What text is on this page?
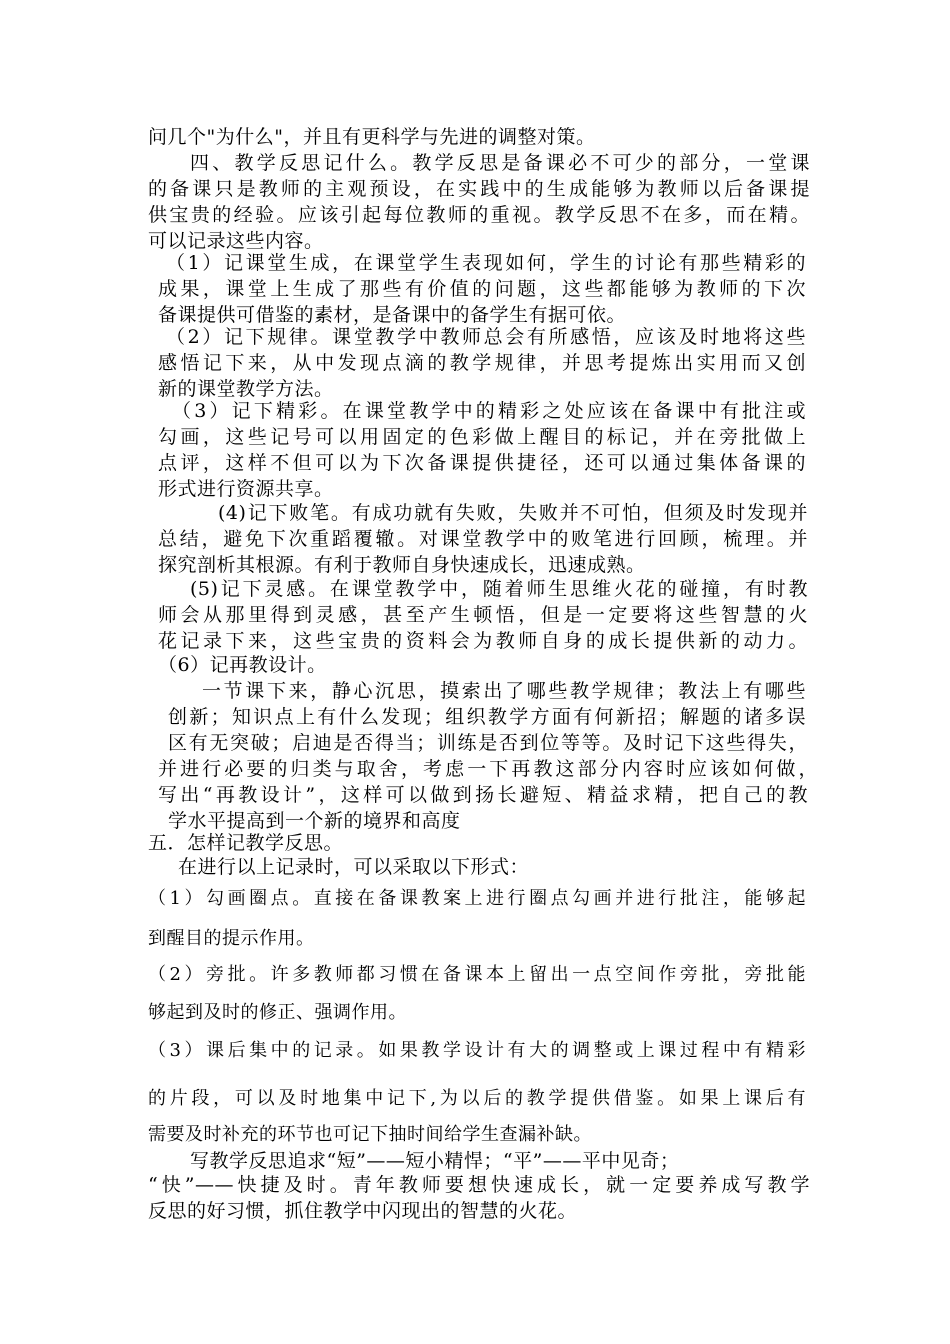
问几个"为什么"，并且有更科学与先进的调整对策。
四、教学反思记什么。教学反思是备课必不可少的部分，一堂课
的备课只是教师的主观预设，在实践中的生成能够为教师以后备课提
供宝贵的经验。应该引起每位教师的重视。教学反思不在多，而在精。
可以记录这些内容。
（1）记课堂生成，在课堂学生表现如何，学生的讨论有那些精彩的
成果，课堂上生成了那些有价值的问题，这些都能够为教师的下次
备课提供可借鉴的素材，是备课中的备学生有据可依。
（2）记下规律。课堂教学中教师总会有所感悟，应该及时地将这些
感悟记下来，从中发现点滴的教学规律，并思考提炼出实用而又创
新的课堂教学方法。
（3）记下精彩。在课堂教学中的精彩之处应该在备课中有批注或
勾画，这些记号可以用固定的色彩做上醒目的标记，并在旁批做上
点评，这样不但可以为下次备课提供捷径，还可以通过集体备课的
形式进行资源共享。
(4)记下败笔。有成功就有失败，失败并不可怕，但须及时发现并
总结，避免下次重蹈覆辙。对课堂教学中的败笔进行回顾，梳理。并
探究剖析其根源。有利于教师自身快速成长，迅速成熟。
(5)记下灵感。在课堂教学中，随着师生思维火花的碰撞，有时教
师会从那里得到灵感，甚至产生顿悟，但是一定要将这些智慧的火
花记录下来，这些宝贵的资料会为教师自身的成长提供新的动力。
（6）记再教设计。
一节课下来，静心沉思，摸索出了哪些教学规律；教法上有哪些
创新；知识点上有什么发现；组织教学方面有何新招；解题的诸多误
区有无突破；启迪是否得当；训练是否到位等等。及时记下这些得失，
并进行必要的归类与取舍，考虑一下再教这部分内容时应该如何做，
写出“再教设计”，这样可以做到扬长避短、精益求精，把自己的教
学水平提高到一个新的境界和高度
五．怎样记教学反思。
在进行以上记录时，可以采取以下形式：
（1）勾画圈点。直接在备课教案上进行圈点勾画并进行批注，能够起
到醒目的提示作用。
（2）旁批。许多教师都习惯在备课本上留出一点空间作旁批，旁批能
够起到及时的修正、强调作用。
（3）课后集中的记录。如果教学设计有大的调整或上课过程中有精彩
的片段，可以及时地集中记下,为以后的教学提供借鉴。如果上课后有
需要及时补充的环节也可记下抽时间给学生查漏补缺。
写教学反思追求“短”——短小精悍；“平”——平中见奇；
“快”——快捷及时。青年教师要想快速成长，就一定要养成写教学
反思的好习惯，抓住教学中闪现出的智慧的火花。
